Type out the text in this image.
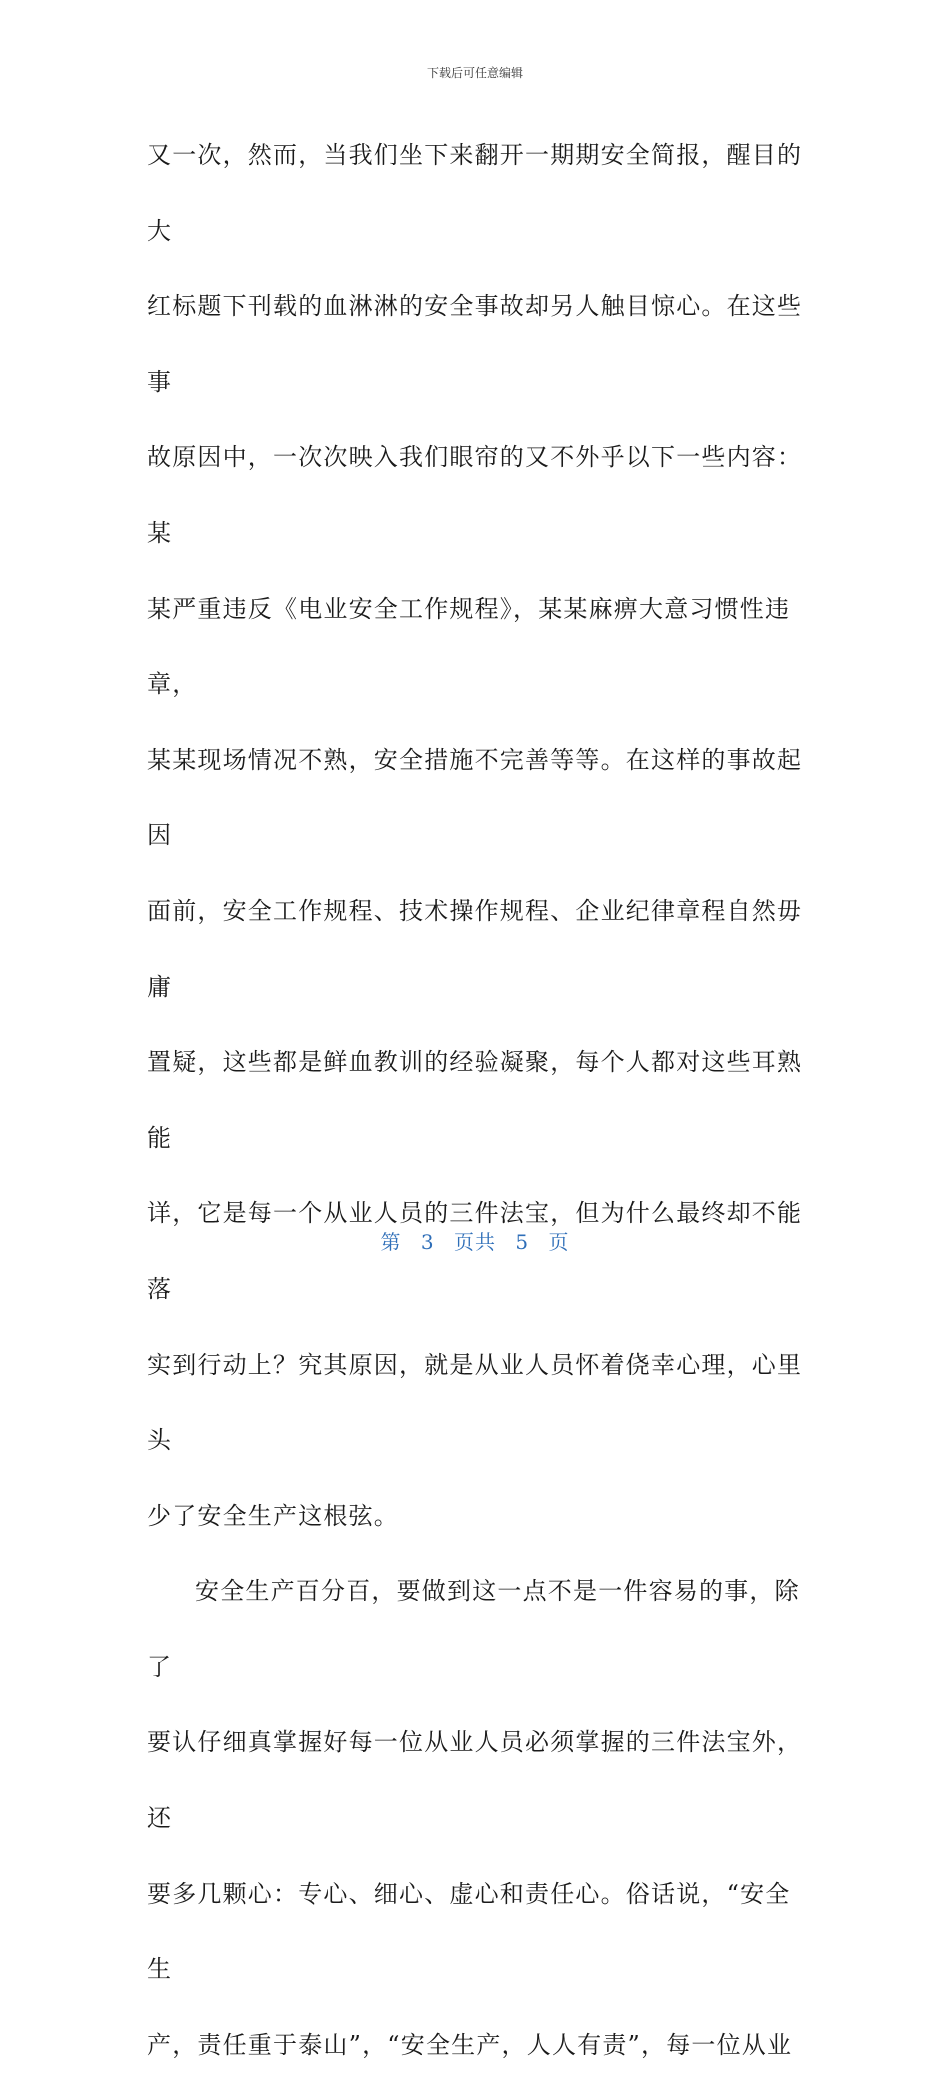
下载后可任意编辑
又一次，然而，当我们坐下来翻开一期期安全简报，醒目的大
红标题下刊载的血淋淋的安全事故却另人触目惊心。在这些事
故原因中，一次次映入我们眼帘的又不外乎以下一些内容：某
某严重违反《电业安全工作规程》，某某麻痹大意习惯性违章，
某某现场情况不熟，安全措施不完善等等。在这样的事故起因
面前，安全工作规程、技术操作规程、企业纪律章程自然毋庸
置疑，这些都是鲜血教训的经验凝聚，每个人都对这些耳熟能
详，它是每一个从业人员的三件法宝，但为什么最终却不能落
实到行动上？究其原因，就是从业人员怀着侥幸心理，心里头
少了安全生产这根弦。
安全生产百分百，要做到这一点不是一件容易的事，除了
要认仔细真掌握好每一位从业人员必须掌握的三件法宝外，还
要多几颗心：专心、细心、虚心和责任心。俗话说，“安全生
产，责任重于泰山”，“安全生产，人人有责”，每一位从业
第 3 页共 5 页
